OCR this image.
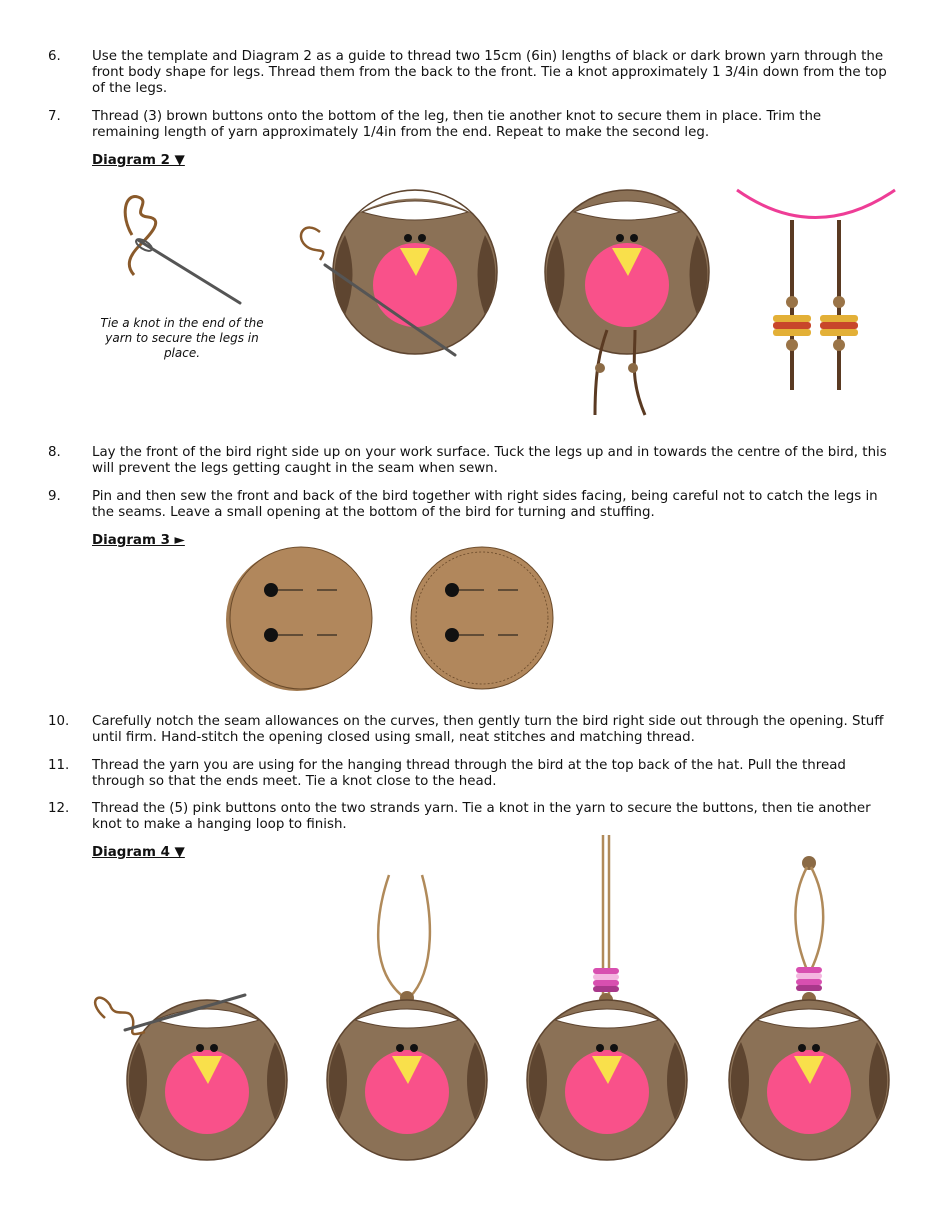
6. Use the template and Diagram 2 as a guide to thread two 15cm (6in) lengths of black or dark brown yarn through the front body shape for legs. Thread them from the back to the front. Tie a knot approximately 1 3/4in down from the top of the legs.
7. Thread (3) brown buttons onto the bottom of the leg, then tie another knot to secure them in place. Trim the remaining length of yarn approximately 1/4in from the end. Repeat to make the second leg.
Diagram 2 ▼
Tie a knot in the end of the yarn to secure the legs in place.
8. Lay the front of the bird right side up on your work surface. Tuck the legs up and in towards the centre of the bird, this will prevent the legs getting caught in the seam when sewn.
9. Pin and then sew the front and back of the bird together with right sides facing, being careful not to catch the legs in the seams. Leave a small opening at the bottom of the bird for turning and stuffing.
Diagram 3 ►
10. Carefully notch the seam allowances on the curves, then gently turn the bird right side out through the opening. Stuff until firm. Hand-stitch the opening closed using small, neat stitches and matching thread.
11. Thread the yarn you are using for the hanging thread through the bird at the top back of the hat. Pull the thread through so that the ends meet. Tie a knot close to the head.
12. Thread the (5) pink buttons onto the two strands yarn. Tie a knot in the yarn to secure the buttons, then tie another knot to make a hanging loop to finish.
Diagram 4 ▼
